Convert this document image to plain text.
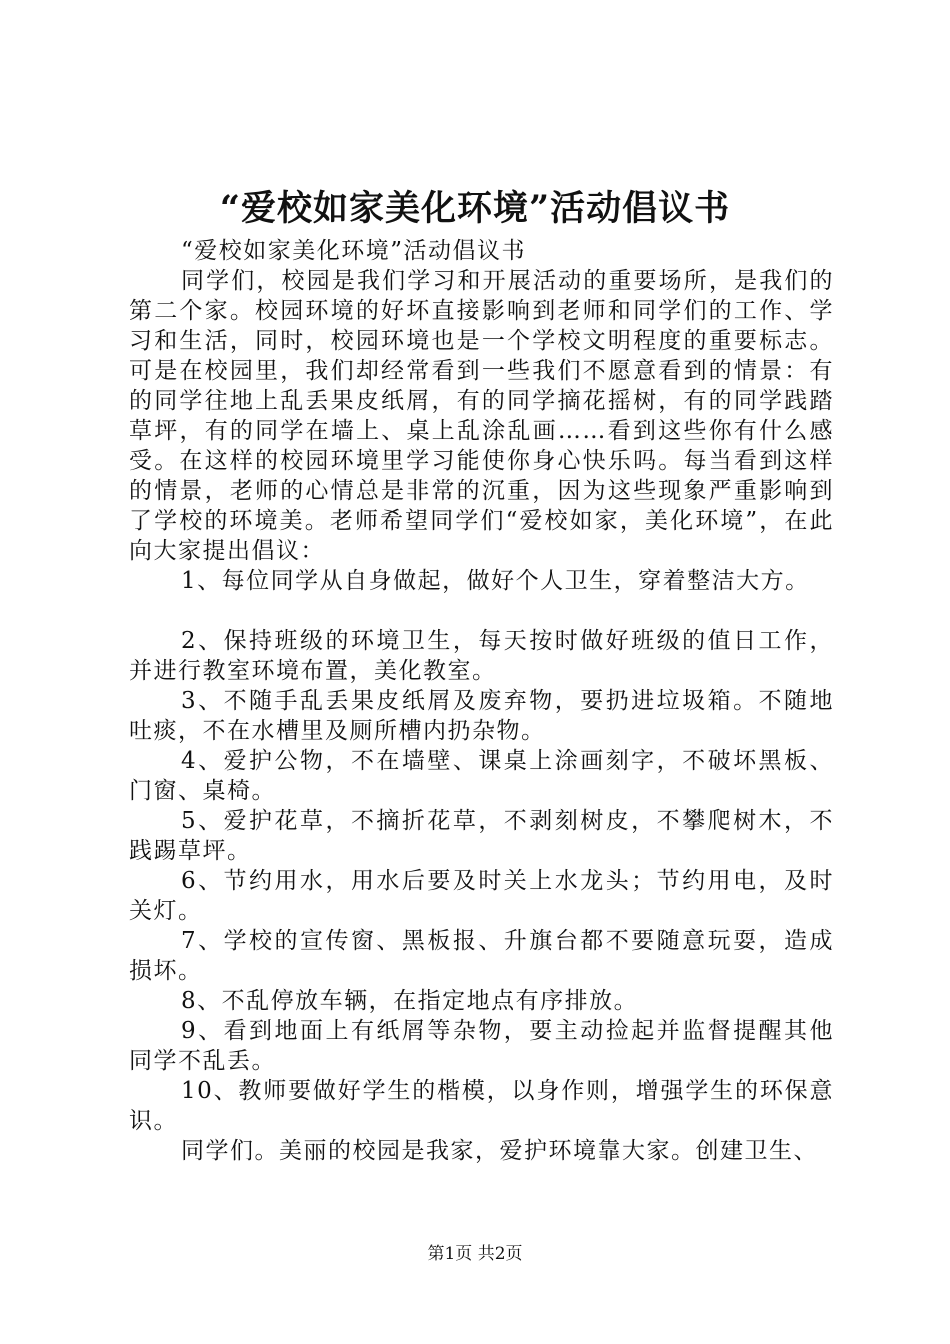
“爱校如家美化环境”活动倡议书

“爱校如家美化环境”活动倡议书

同学们，校园是我们学习和开展活动的重要场所，是我们的第二个家。校园环境的好坏直接影响到老师和同学们的工作、学习和生活，同时，校园环境也是一个学校文明程度的重要标志。可是在校园里，我们却经常看到一些我们不愿意看到的情景：有的同学往地上乱丢果皮纸屑，有的同学摘花摇树，有的同学践踏草坪，有的同学在墙上、桌上乱涂乱画……看到这些你有什么感受。在这样的校园环境里学习能使你身心快乐吗。每当看到这样的情景，老师的心情总是非常的沉重，因为这些现象严重影响到了学校的环境美。老师希望同学们“爱校如家，美化环境”，在此向大家提出倡议：

1、每位同学从自身做起，做好个人卫生，穿着整洁大方。

2、保持班级的环境卫生，每天按时做好班级的值日工作，并进行教室环境布置，美化教室。

3、不随手乱丢果皮纸屑及废弃物，要扔进垃圾箱。不随地吐痰，不在水槽里及厕所槽内扔杂物。

4、爱护公物，不在墙壁、课桌上涂画刻字，不破坏黑板、门窗、桌椅。

5、爱护花草，不摘折花草，不剥刻树皮，不攀爬树木，不践踢草坪。

6、节约用水，用水后要及时关上水龙头；节约用电，及时关灯。

7、学校的宣传窗、黑板报、升旗台都不要随意玩耍，造成损坏。

8、不乱停放车辆，在指定地点有序排放。

9、看到地面上有纸屑等杂物，要主动捡起并监督提醒其他同学不乱丢。

10、教师要做好学生的楷模，以身作则，增强学生的环保意识。

同学们。美丽的校园是我家，爱护环境靠大家。创建卫生、

第1页 共2页
